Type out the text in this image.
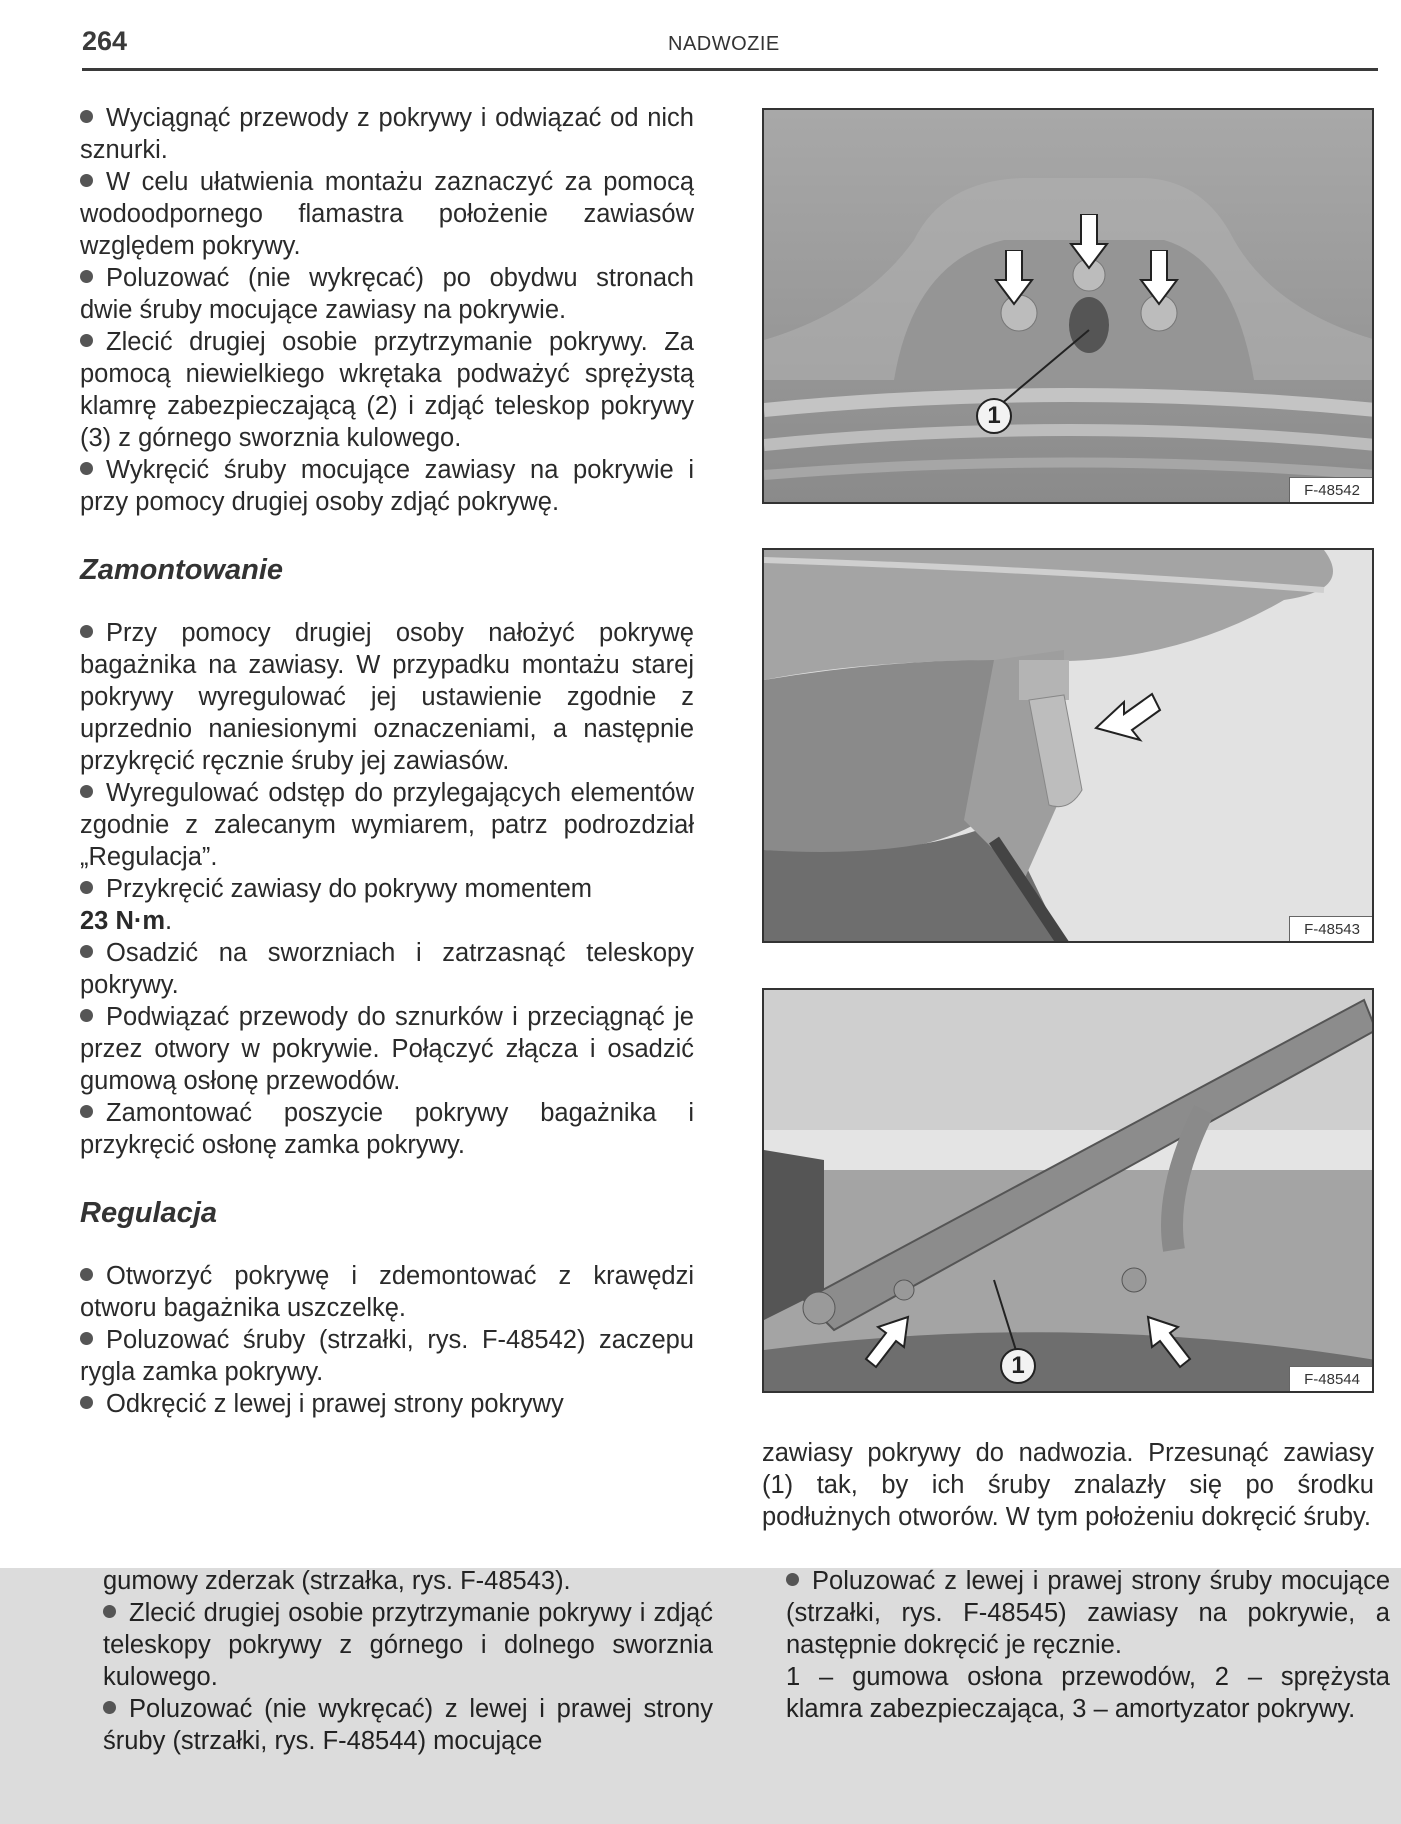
264	NADWOZIE

Wyciągnąć przewody z pokrywy i odwiązać od nich sznurki.

W celu ułatwienia montażu zaznaczyć za pomocą wodoodpornego flamastra położenie zawiasów względem pokrywy.

Poluzować (nie wykręcać) po obydwu stronach dwie śruby mocujące zawiasy na pokrywie.

Zlecić drugiej osobie przytrzymanie pokrywy. Za pomocą niewielkiego wkrętaka podważyć sprężystą klamrę zabezpieczającą (2) i zdjąć teleskop pokrywy (3) z górnego sworznia kulowego.

Wykręcić śruby mocujące zawiasy na pokrywie i przy pomocy drugiej osoby zdjąć pokrywę.

Zamontowanie

Przy pomocy drugiej osoby nałożyć pokrywę bagażnika na zawiasy. W przypadku montażu starej pokrywy wyregulować jej ustawienie zgodnie z uprzednio naniesionymi oznaczeniami, a następnie przykręcić ręcznie śruby jej zawiasów.

Wyregulować odstęp do przylegających elementów zgodnie z zalecanym wymiarem, patrz podrozdział „Regulacja”.

Przykręcić zawiasy do pokrywy momentem
23 N·m.

Osadzić na sworzniach i zatrzasnąć teleskopy pokrywy.

Podwiązać przewody do sznurków i przeciągnąć je przez otwory w pokrywie. Połączyć złącza i osadzić gumową osłonę przewodów.

Zamontować poszycie pokrywy bagażnika i przykręcić osłonę zamka pokrywy.

Regulacja

Otworzyć pokrywę i zdemontować z krawędzi otworu bagażnika uszczelkę.

Poluzować śruby (strzałki, rys. F-48542) zaczepu rygla zamka pokrywy.

Odkręcić z lewej i prawej strony pokrywy

1
F-48542
F-48543
1
F-48544

zawiasy pokrywy do nadwozia. Przesunąć zawiasy (1) tak, by ich śruby znalazły się po środku podłużnych otworów. W tym położeniu dokręcić śruby.

gumowy zderzak (strzałka, rys. F-48543).

Zlecić drugiej osobie przytrzymanie pokrywy i zdjąć teleskopy pokrywy z górnego i dolnego sworznia kulowego.

Poluzować (nie wykręcać) z lewej i prawej strony śruby (strzałki, rys. F-48544) mocujące

Poluzować z lewej i prawej strony śruby mocujące (strzałki, rys. F-48545) zawiasy na pokrywie, a następnie dokręcić je ręcznie.

1 – gumowa osłona przewodów, 2 – sprężysta klamra zabezpieczająca, 3 – amortyzator pokrywy.
